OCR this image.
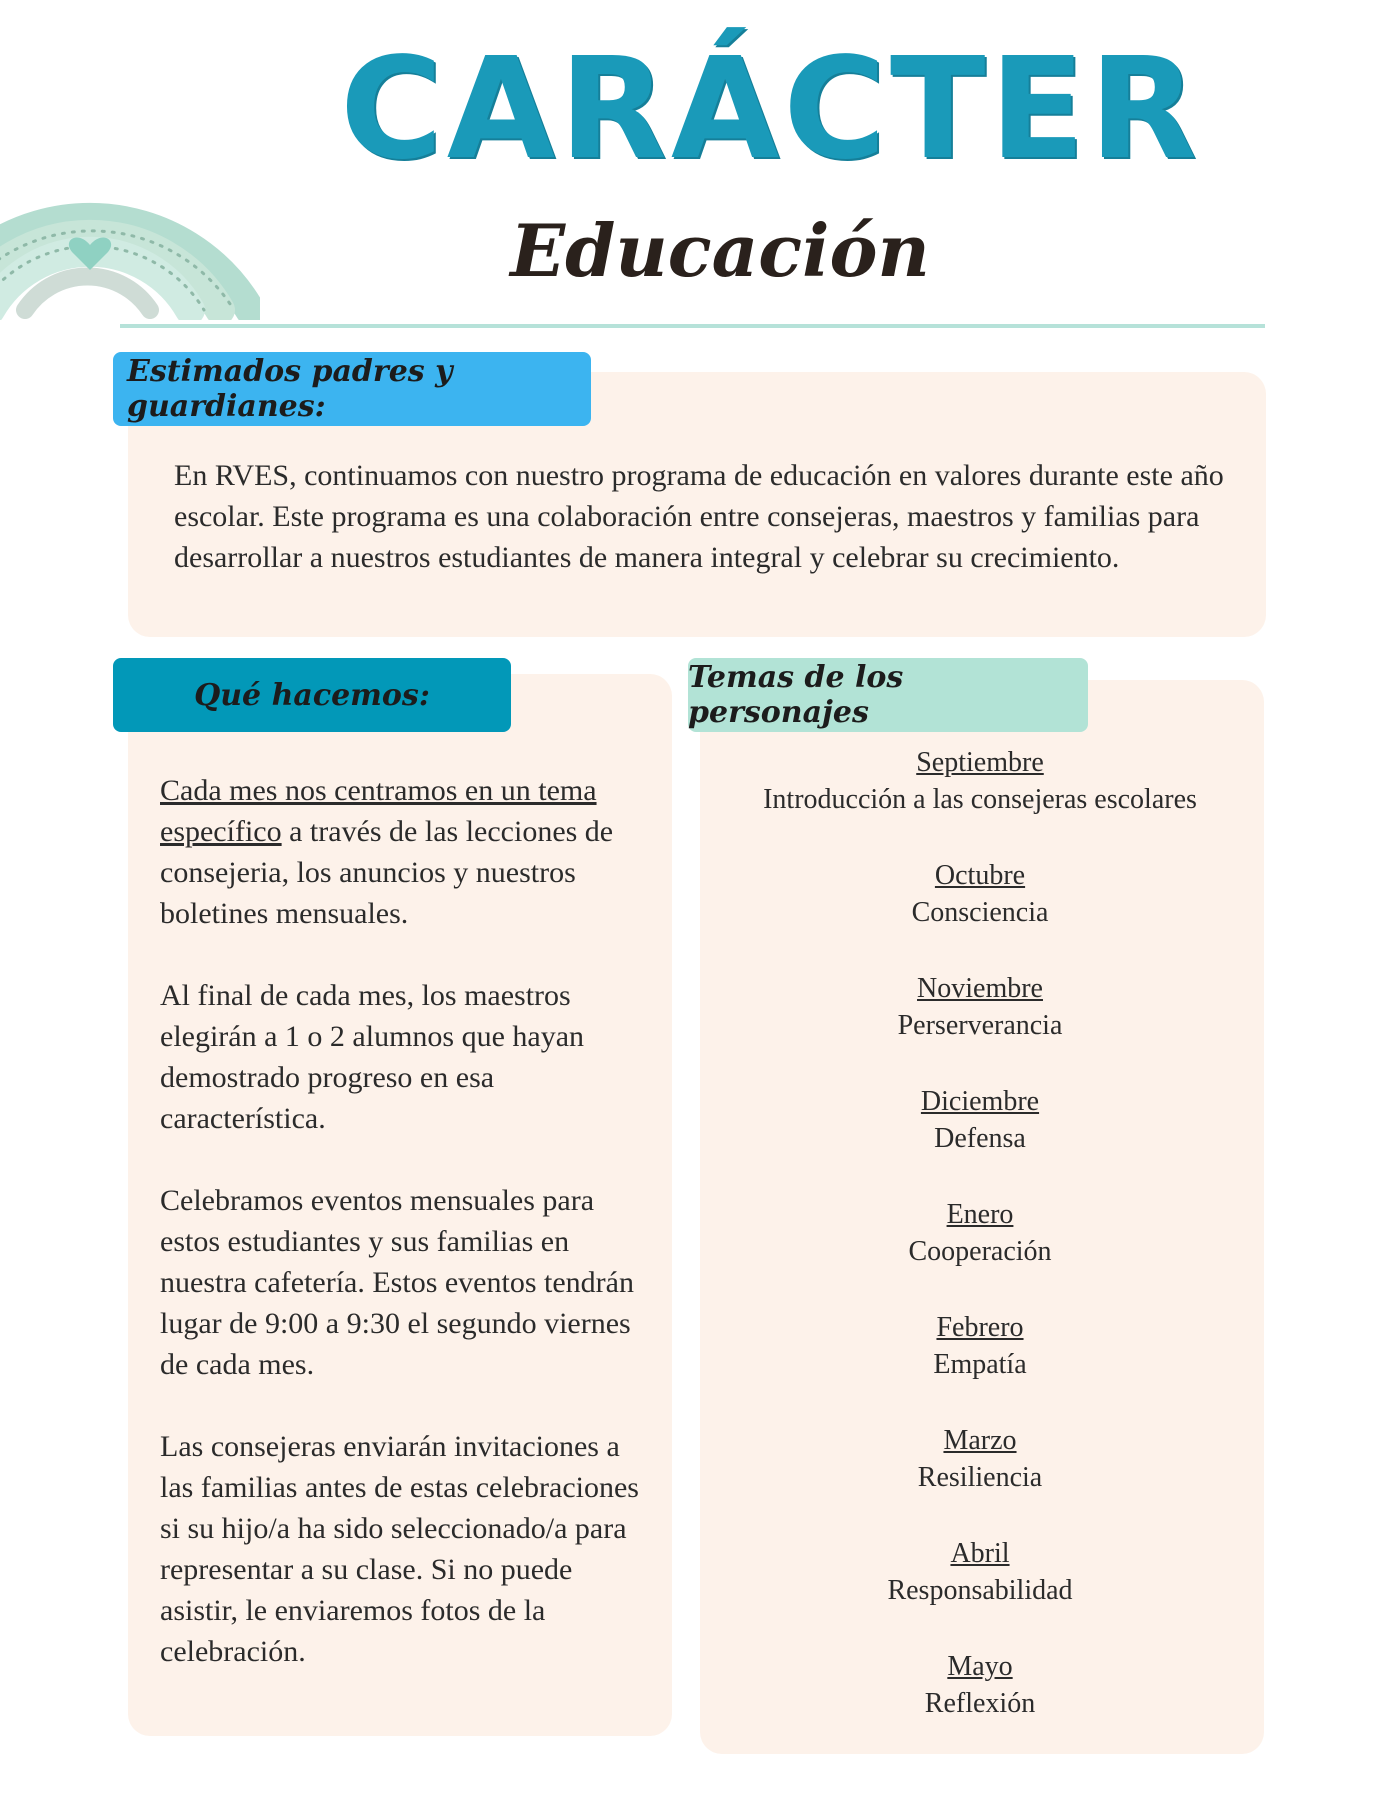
CARÁCTER
Educación
Estimados padres y guardianes:
En RVES, continuamos con nuestro programa de educación en valores durante este año escolar. Este programa es una colaboración entre consejeras, maestros y familias para desarrollar a nuestros estudiantes de manera integral y celebrar su crecimiento.
Qué hacemos:

Cada mes nos centramos en un tema específico a través de las lecciones de consejeria, los anuncios y nuestros boletines mensuales.

Al final de cada mes, los maestros elegirán a 1 o 2 alumnos que hayan demostrado progreso en esa característica.

Celebramos eventos mensuales para estos estudiantes y sus familias en nuestra cafetería. Estos eventos tendrán lugar de 9:00 a 9:30 el segundo viernes de cada mes.

Las consejeras enviarán invitaciones a las familias antes de estas celebraciones si su hijo/a ha sido seleccionado/a para representar a su clase. Si no puede asistir, le enviaremos fotos de la celebración.

Temas de los personajes
Septiembre
Introducción a las consejeras escolares
Octubre
Consciencia
Noviembre
Perserverancia
Diciembre
Defensa
Enero
Cooperación
Febrero
Empatía
Marzo
Resiliencia
Abril
Responsabilidad
Mayo
Reflexión
